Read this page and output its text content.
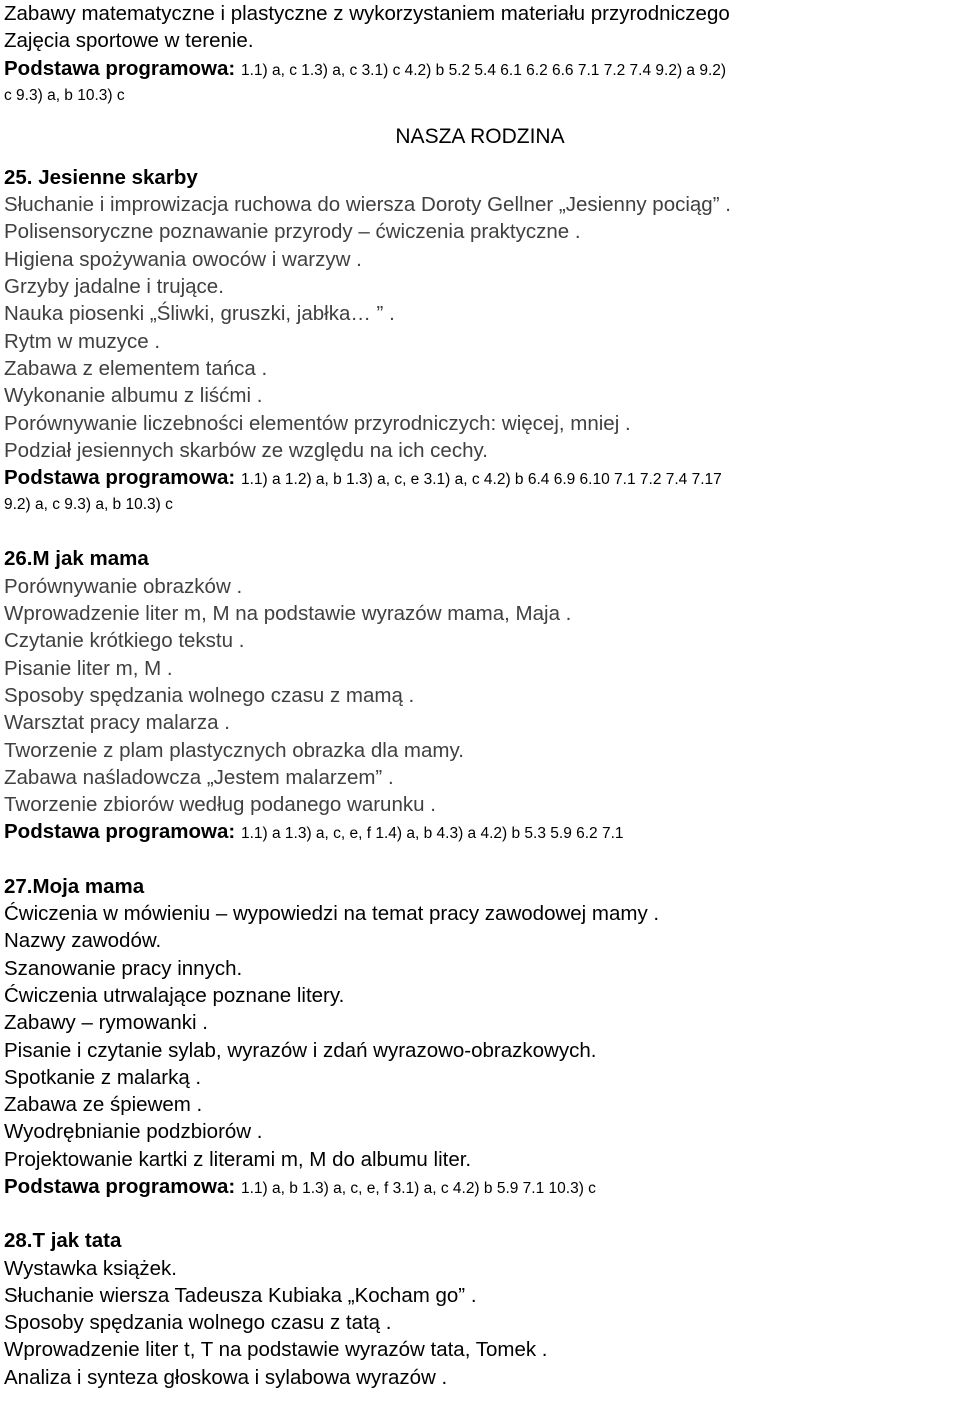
Zabawy matematyczne i plastyczne z wykorzystaniem materiału przyrodniczego
Zajęcia sportowe w terenie.
Podstawa programowa: 1.1) a, c 1.3) a, c 3.1) c 4.2) b 5.2 5.4 6.1 6.2 6.6 7.1 7.2 7.4 9.2) a 9.2)
c 9.3) a, b 10.3) c
NASZA RODZINA
25. Jesienne skarby
Słuchanie i improwizacja ruchowa do wiersza Doroty Gellner „Jesienny pociąg” .
Polisensoryczne poznawanie przyrody – ćwiczenia praktyczne .
Higiena spożywania owoców i warzyw .
Grzyby jadalne i trujące.
Nauka piosenki „Śliwki, gruszki, jabłka… ” .
Rytm w muzyce .
Zabawa z elementem tańca .
Wykonanie albumu z liśćmi .
Porównywanie liczebności elementów przyrodniczych: więcej, mniej .
Podział jesiennych skarbów ze względu na ich cechy.
Podstawa programowa: 1.1) a 1.2) a, b 1.3) a, c, e 3.1) a, c 4.2) b 6.4 6.9 6.10 7.1 7.2 7.4 7.17
9.2) a, c 9.3) a, b 10.3) c
26.M jak mama
Porównywanie obrazków .
Wprowadzenie liter m, M na podstawie wyrazów mama, Maja .
Czytanie krótkiego tekstu .
Pisanie liter m, M .
Sposoby spędzania wolnego czasu z mamą .
Warsztat pracy malarza .
Tworzenie z plam plastycznych obrazka dla mamy.
Zabawa naśladowcza „Jestem malarzem” .
Tworzenie zbiorów według podanego warunku .
Podstawa programowa: 1.1) a 1.3) a, c, e, f 1.4) a, b 4.3) a 4.2) b 5.3 5.9 6.2 7.1
27.Moja mama
Ćwiczenia w mówieniu – wypowiedzi na temat pracy zawodowej mamy .
Nazwy zawodów.
Szanowanie pracy innych.
Ćwiczenia utrwalające poznane litery.
Zabawy – rymowanki .
Pisanie i czytanie sylab, wyrazów i zdań wyrazowo-obrazkowych.
Spotkanie z malarką .
Zabawa ze śpiewem .
Wyodrębnianie podzbiorów .
Projektowanie kartki z literami m, M do albumu liter.
Podstawa programowa: 1.1) a, b 1.3) a, c, e, f 3.1) a, c 4.2) b 5.9 7.1 10.3) c
28.T jak tata
Wystawka książek.
Słuchanie wiersza Tadeusza Kubiaka „Kocham go” .
Sposoby spędzania wolnego czasu z tatą .
Wprowadzenie liter t, T na podstawie wyrazów tata, Tomek .
Analiza i synteza głoskowa i sylabowa wyrazów .
